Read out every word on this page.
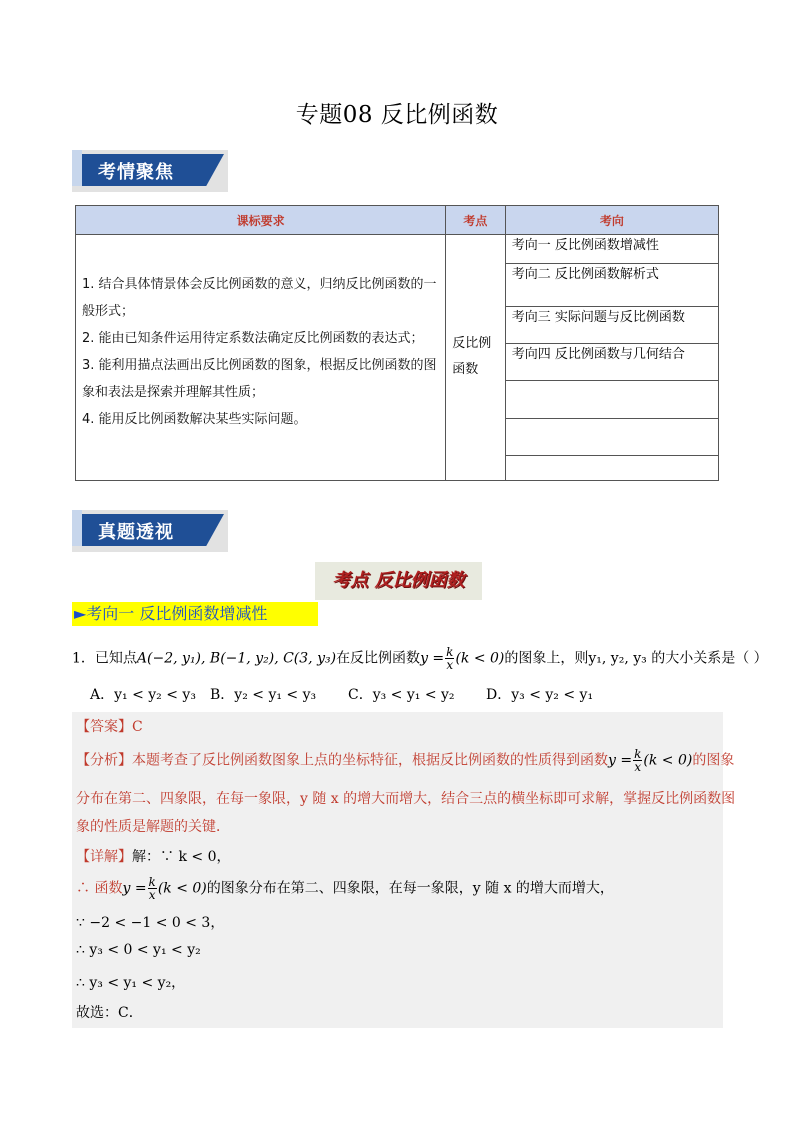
专题08 反比例函数
考情聚焦
课标要求	考点	考向

1. 结合具体情景体会反比例函数的意义，归纳反比例函数的一般形式；
2. 能由已知条件运用待定系数法确定反比例函数的表达式；
3. 能利用描点法画出反比例函数的图象，根据反比例函数的图象和表法是探索并理解其性质；
4. 能用反比例函数解决某些实际问题。	反比例函数	考向一 反比例函数增减性
		考向二 反比例函数解析式
		考向三 实际问题与反比例函数
		考向四 反比例函数与几何结合

真题透视
考点 反比例函数
►考向一 反比例函数增减性
1．已知点A(−2, y₁), B(−1, y₂), C(3, y₃)在反比例函数$y = \frac{k}{x} (k < 0)$的图象上，则y₁, y₂, y₃ 的大小关系是（ ）
A．y₁ < y₂ < y₃ B．y₂ < y₁ < y₃ C．y₃ < y₁ < y₂ D．y₃ < y₂ < y₁
【答案】C
【分析】本题考查了反比例函数图象上点的坐标特征，根据反比例函数的性质得到函数$y = \frac{k}{x} (k < 0)$的图象
分布在第二、四象限，在每一象限，y 随 x 的增大而增大，结合三点的横坐标即可求解，掌握反比例函数图
象的性质是解题的关键．
【详解】解：∵ k < 0，
∴ 函数$y = \frac{k}{x} (k < 0)$的图象分布在第二、四象限，在每一象限，y 随 x 的增大而增大，
∵ −2 < −1 < 0 < 3，
∴ y₃ < 0 < y₁ < y₂
∴ y₃ < y₁ < y₂，
故选：C．
